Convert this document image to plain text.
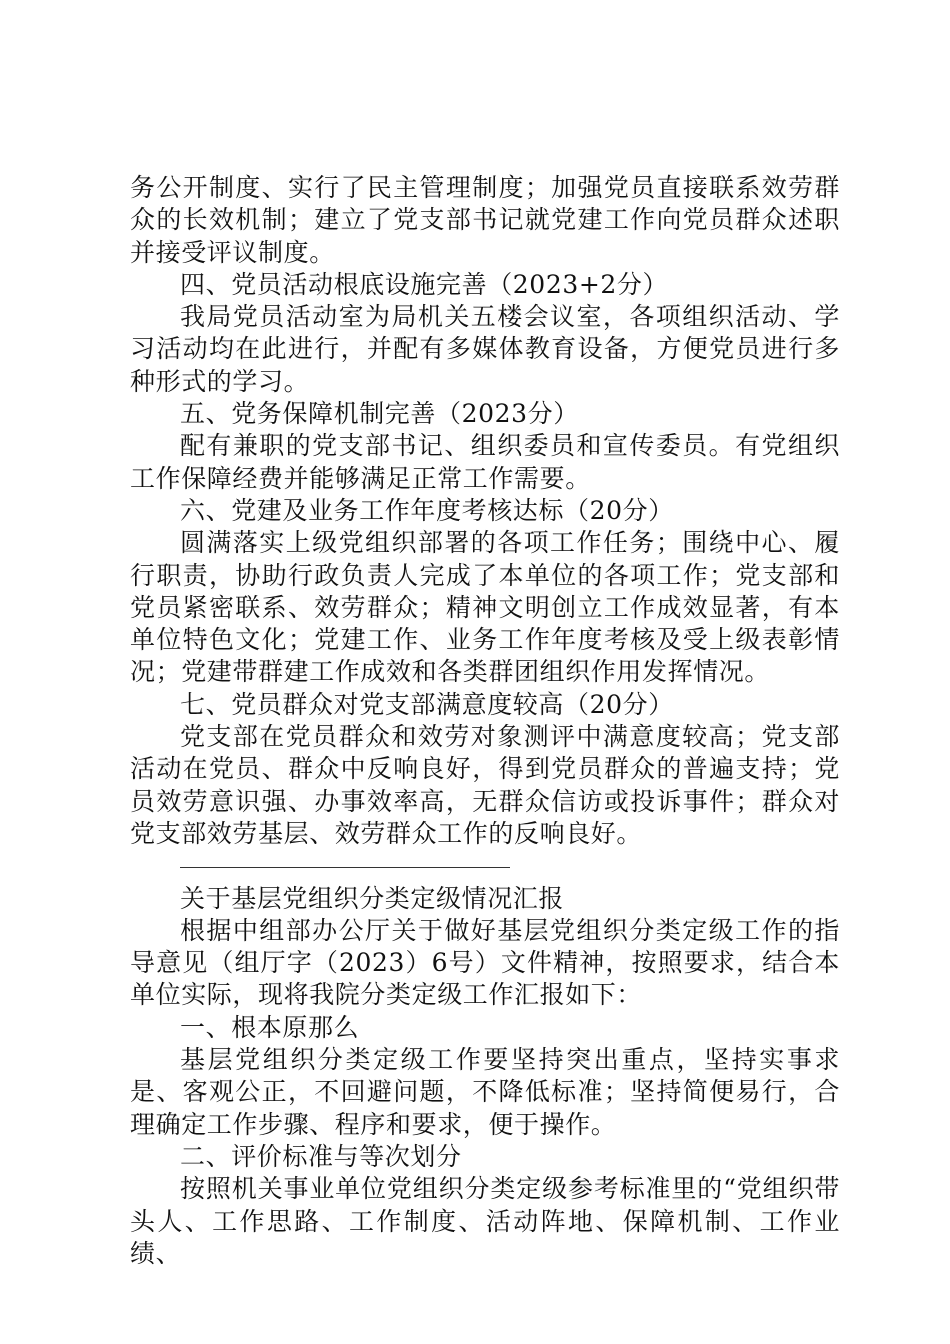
务公开制度、实行了民主管理制度；加强党员直接联系效劳群众的长效机制；建立了党支部书记就党建工作向党员群众述职并接受评议制度。

四、党员活动根底设施完善（2023+2分）

我局党员活动室为局机关五楼会议室，各项组织活动、学习活动均在此进行，并配有多媒体教育设备，方便党员进行多种形式的学习。

五、党务保障机制完善（2023分）

配有兼职的党支部书记、组织委员和宣传委员。有党组织工作保障经费并能够满足正常工作需要。

六、党建及业务工作年度考核达标（20分）

圆满落实上级党组织部署的各项工作任务；围绕中心、履行职责，协助行政负责人完成了本单位的各项工作；党支部和党员紧密联系、效劳群众；精神文明创立工作成效显著，有本单位特色文化；党建工作、业务工作年度考核及受上级表彰情况；党建带群建工作成效和各类群团组织作用发挥情况。

七、党员群众对党支部满意度较高（20分）

党支部在党员群众和效劳对象测评中满意度较高；党支部活动在党员、群众中反响良好，得到党员群众的普遍支持；党员效劳意识强、办事效率高，无群众信访或投诉事件；群众对党支部效劳基层、效劳群众工作的反响良好。

关于基层党组织分类定级情况汇报

根据中组部办公厅关于做好基层党组织分类定级工作的指导意见（组厅字（2023）6号）文件精神，按照要求，结合本单位实际，现将我院分类定级工作汇报如下：

一、根本原那么

基层党组织分类定级工作要坚持突出重点，坚持实事求是、客观公正，不回避问题，不降低标准；坚持简便易行，合理确定工作步骤、程序和要求，便于操作。

二、评价标准与等次划分

按照机关事业单位党组织分类定级参考标准里的“党组织带头人、工作思路、工作制度、活动阵地、保障机制、工作业绩、
